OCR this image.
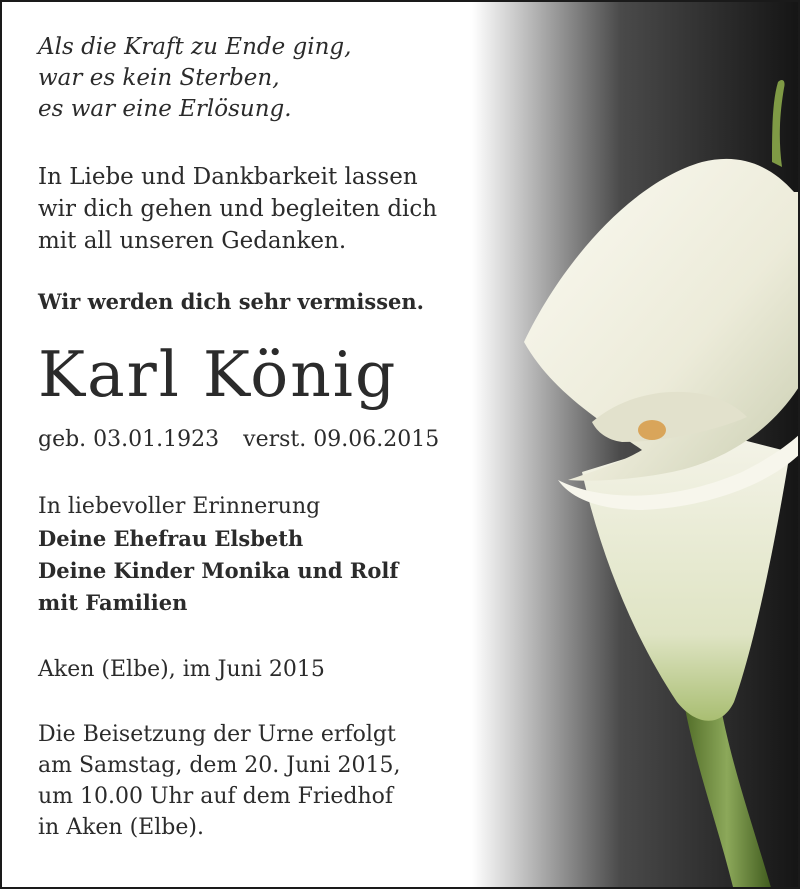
Als die Kraft zu Ende ging,
war es kein Sterben,
es war eine Erlösung.

In Liebe und Dankbarkeit lassen
wir dich gehen und begleiten dich
mit all unseren Gedanken.

Wir werden dich sehr vermissen.

Karl König

geb. 03.01.1923 verst. 09.06.2015

In liebevoller Erinnerung
Deine Ehefrau Elsbeth
Deine Kinder Monika und Rolf
mit Familien

Aken (Elbe), im Juni 2015

Die Beisetzung der Urne erfolgt
am Samstag, dem 20. Juni 2015,
um 10.00 Uhr auf dem Friedhof
in Aken (Elbe).
